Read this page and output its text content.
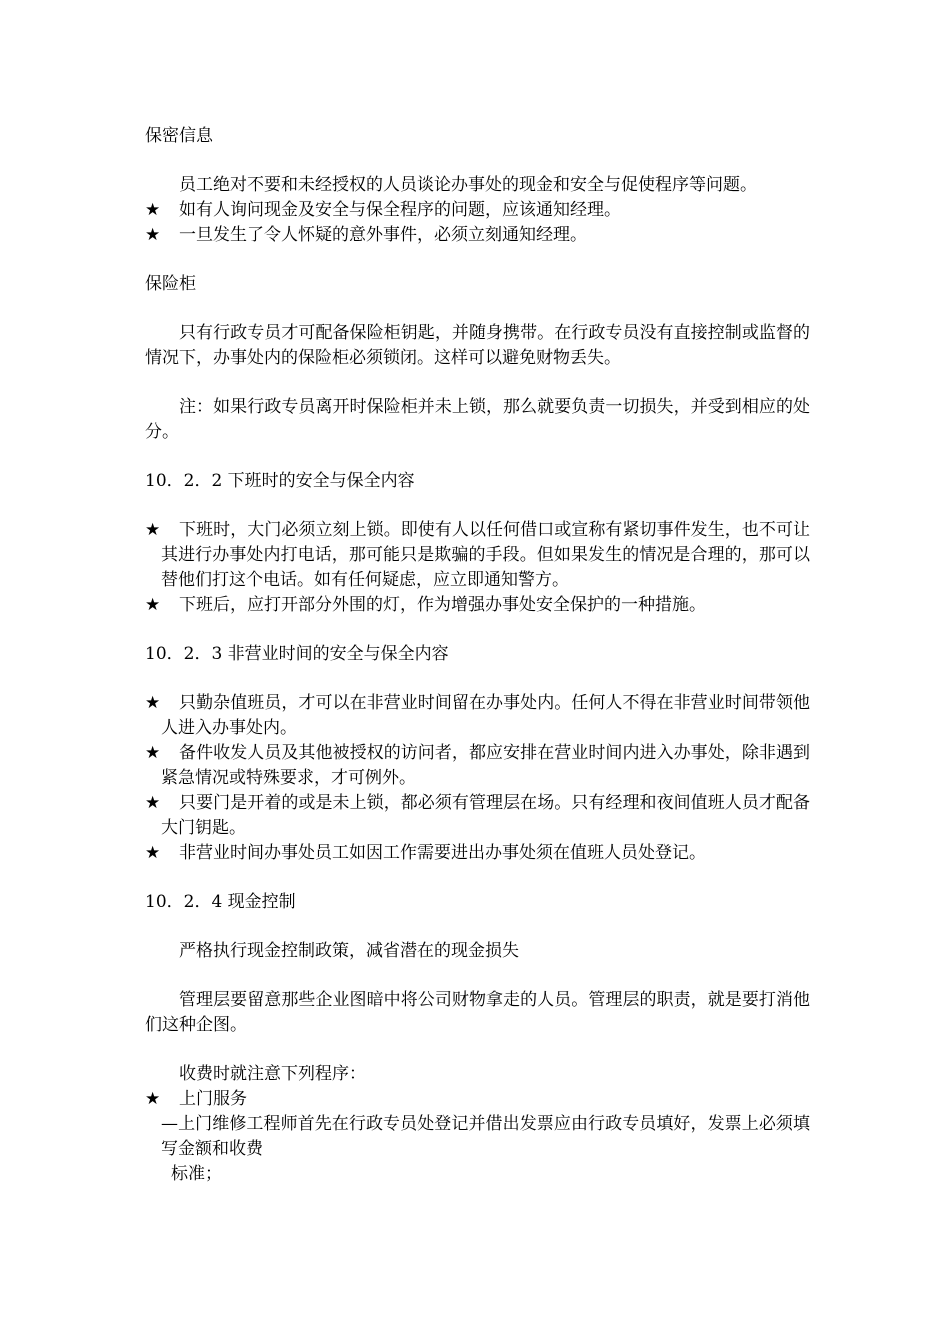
保密信息

员工绝对不要和未经授权的人员谈论办事处的现金和安全与促使程序等问题。

★ 如有人询问现金及安全与保全程序的问题，应该通知经理。

★ 一旦发生了令人怀疑的意外事件，必须立刻通知经理。

保险柜

只有行政专员才可配备保险柜钥匙，并随身携带。在行政专员没有直接控制或监督的情况下，办事处内的保险柜必须锁闭。这样可以避免财物丢失。

注：如果行政专员离开时保险柜并未上锁，那么就要负责一切损失，并受到相应的处分。

10．2．2 下班时的安全与保全内容

★ 下班时，大门必须立刻上锁。即使有人以任何借口或宣称有紧切事件发生，也不可让其进行办事处内打电话，那可能只是欺骗的手段。但如果发生的情况是合理的，那可以替他们打这个电话。如有任何疑虑，应立即通知警方。

★ 下班后，应打开部分外围的灯，作为增强办事处安全保护的一种措施。

10．2．3 非营业时间的安全与保全内容

★ 只勤杂值班员，才可以在非营业时间留在办事处内。任何人不得在非营业时间带领他人进入办事处内。

★ 备件收发人员及其他被授权的访问者，都应安排在营业时间内进入办事处，除非遇到紧急情况或特殊要求，才可例外。

★ 只要门是开着的或是未上锁，都必须有管理层在场。只有经理和夜间值班人员才配备大门钥匙。

★ 非营业时间办事处员工如因工作需要进出办事处须在值班人员处登记。

10．2．4 现金控制

严格执行现金控制政策，减省潜在的现金损失

管理层要留意那些企业图暗中将公司财物拿走的人员。管理层的职责，就是要打消他们这种企图。

收费时就注意下列程序：

★ 上门服务

—上门维修工程师首先在行政专员处登记并借出发票应由行政专员填好，发票上必须填写金额和收费

标准；
